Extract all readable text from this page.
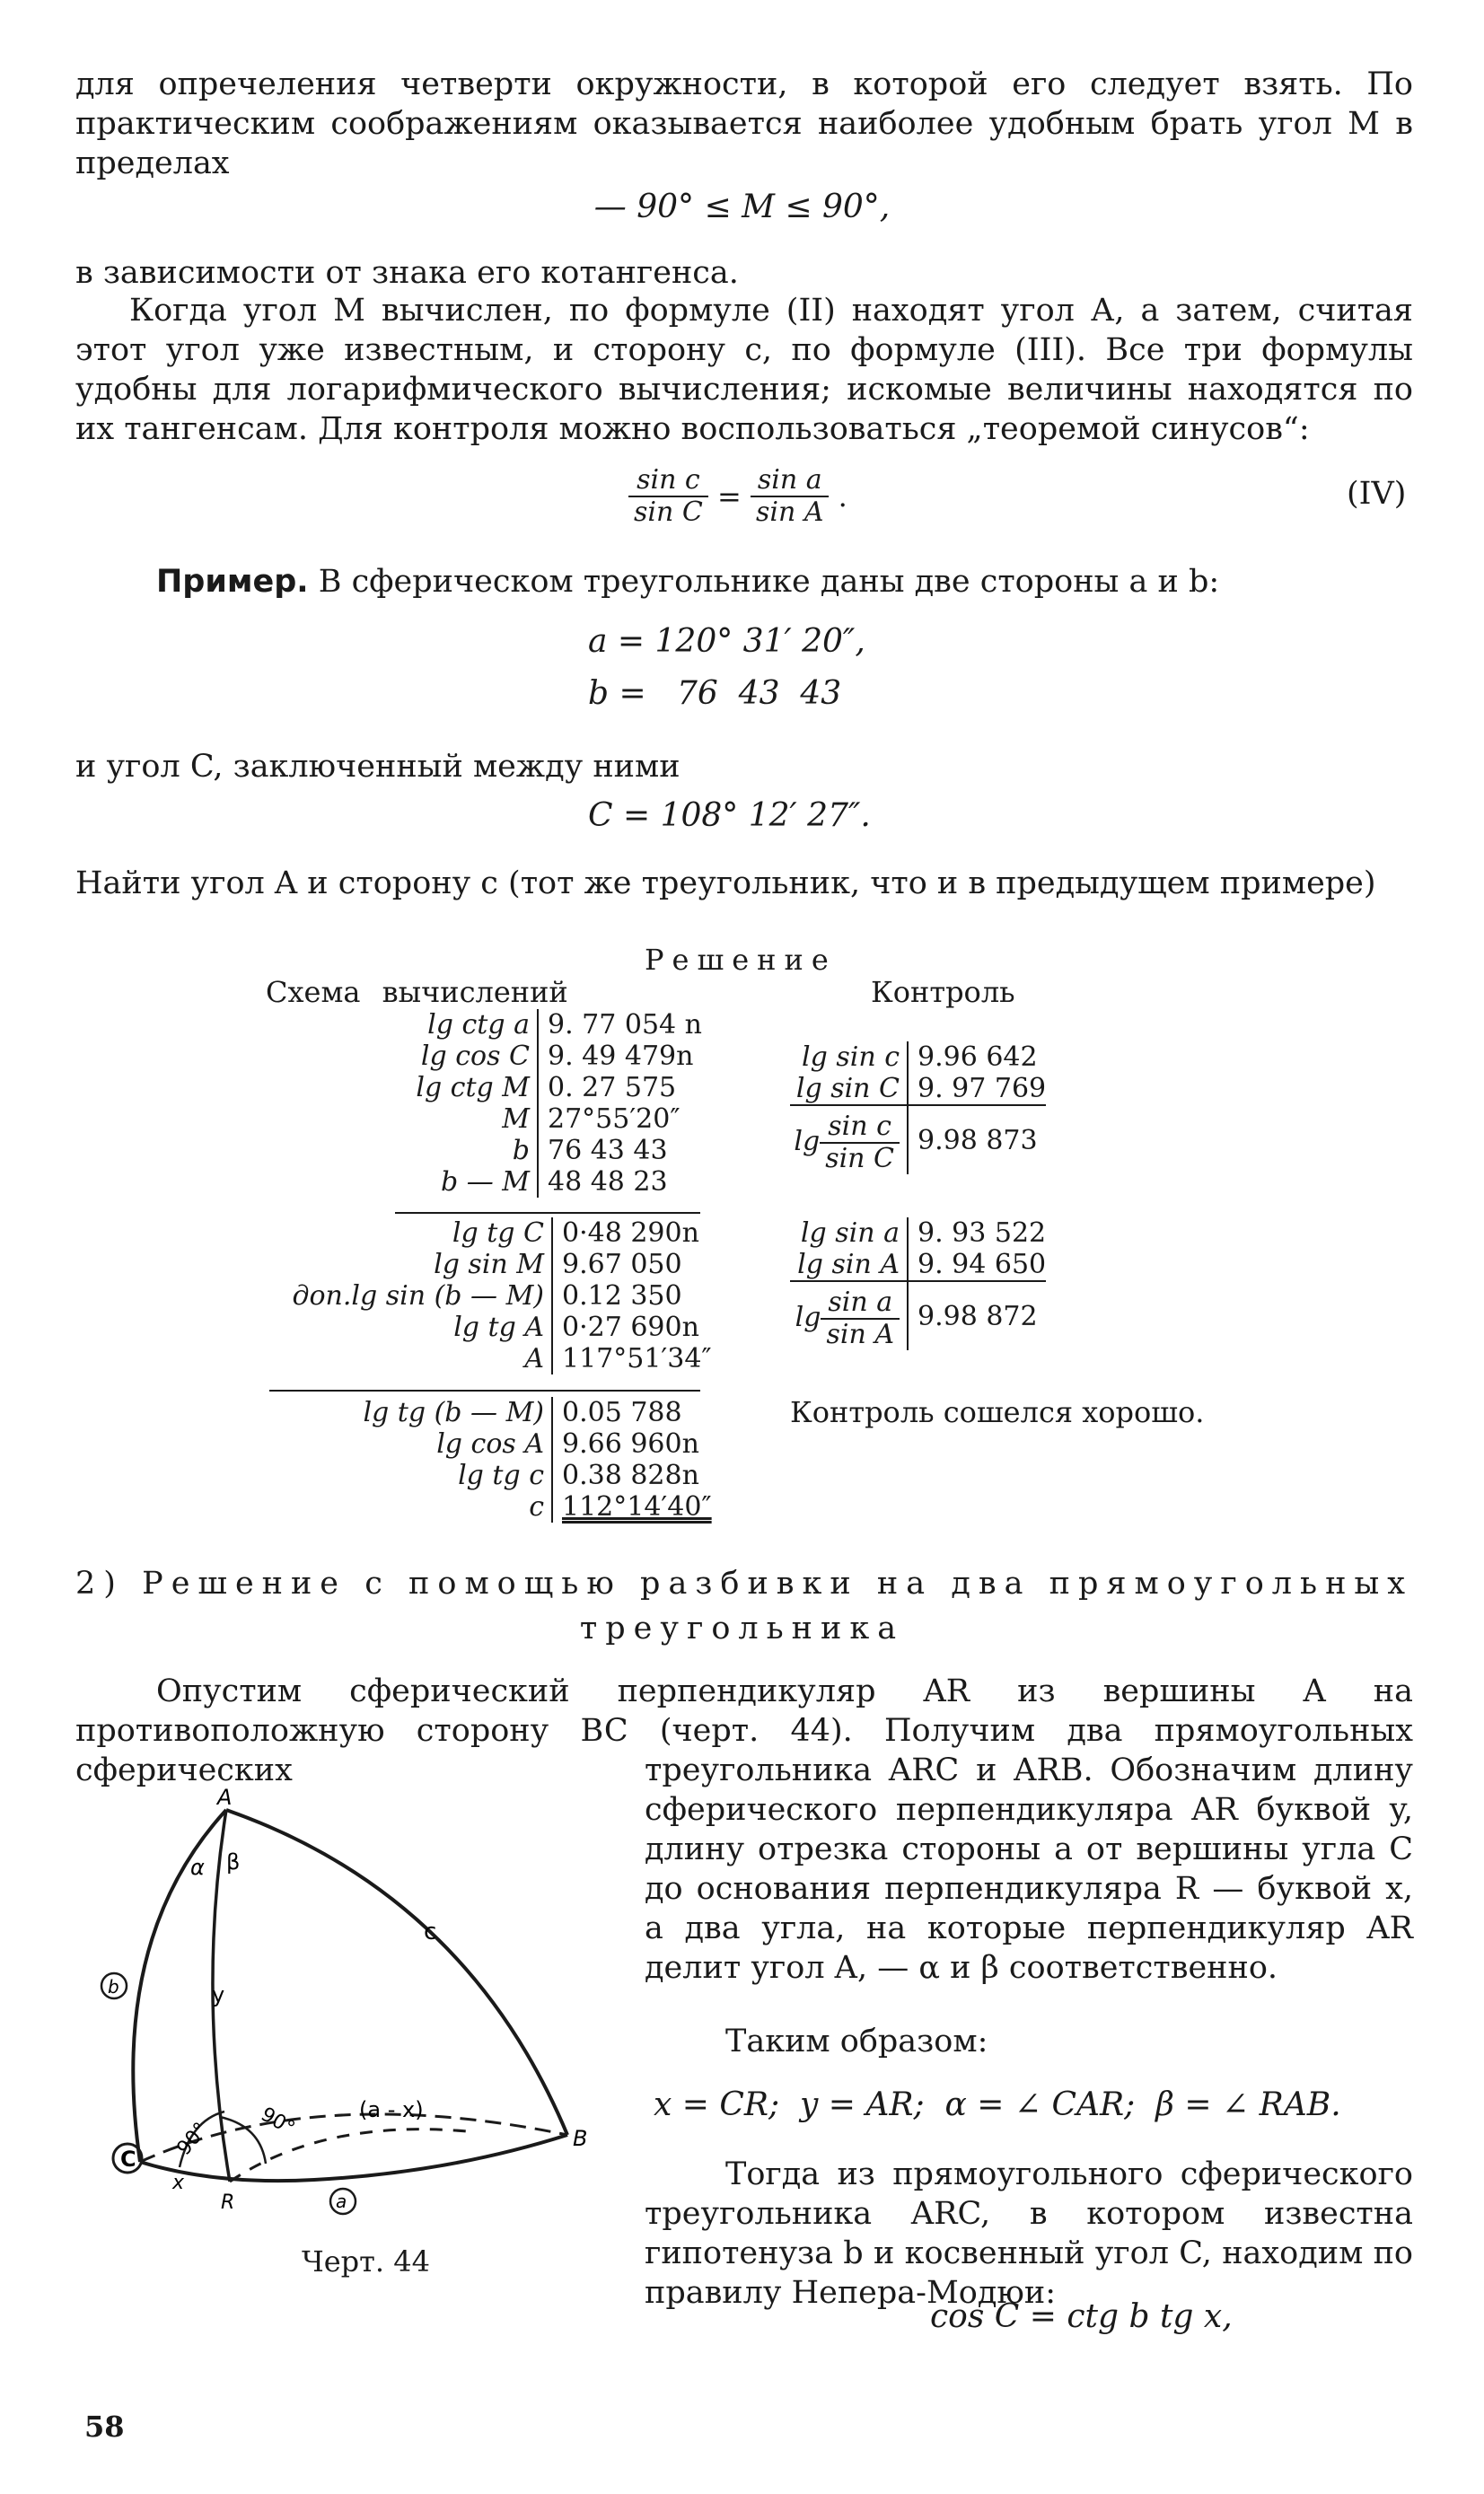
для опречеления четверти окружности, в которой его следует взять. По практическим соображениям оказывается наиболее удобным брать угол М в пределах
— 90° ≤ M ≤ 90°,
в зависимости от знака его котангенса.
Когда угол М вычислен, по формуле (II) находят угол А, а затем, считая этот угол уже известным, и сторону c, по формуле (III). Все три формулы удобны для логарифмического вычисления; искомые величины находятся по их тангенсам. Для контроля можно воспользоваться „теоремой синусов“:
$\frac{\text{sin c}}{\text{sin C}} = \frac{\text{sin a}}{\text{sin A}}$ .	(IV)
Пример. В сферическом треугольнике даны две стороны a и b:
a = 120° 31′ 20″,
b =   76  43  43
и угол C, заключенный между ними
C = 108° 12′ 27″.
Найти угол A и сторону c (тот же треугольник, что и в предыдущем примере)
Решение
Схема вычислений	Контроль
lg ctg a	9. 77 054 n
lg cos C	9. 49 479n
lg ctg M	0. 27 575
M	27°55′20″
b	76 43 43
b — M	48 48 23
lg tg C	0·48 290n
lg sin M	9.67 050
доп.lg sin (b — M)	0.12 350
lg tg A	0·27 690n
A	117°51′34″
lg tg (b — M)	0.05 788
lg cos A	9.66 960n
lg tg c	0.38 828n
c	112°14′40″
lg sin c	9.96 642
lg sin C	9. 97 769
$\lg \frac{\text{sin c}}{\text{sin C}}$	9.98 873
lg sin a	9. 93 522
lg sin A	9. 94 650
$\lg \frac{\text{sin a}}{\text{sin A}}$	9.98 872
Контроль сошелся хорошо.
2) Решение с помощью разбивки на два прямоугольных
треугольника
Опустим сферический перпендикуляр AR из вершины A на противоположную сторону BC (черт. 44). Получим два прямоугольных сферических	треугольника ARC и ARB. Обозначим длину сферического перпендикуляра AR буквой y, длину отрезка стороны a от вершины угла C до основания перпендикуляра R — буквой x, а два угла, на которые перпендикуляр AR делит угол A, — α и β соответственно.
Таким образом:
x = CR;  y = AR;  α = ∠ CAR;  β = ∠ RAB.
Тогда из прямоугольного сферического треугольника ARC, в котором известна гипотенуза b и косвенный угол C, находим по правилу Непера-Модюи:
cos C = ctg b tg x,
A
α β
c
b	y
C
B
R
x
a
(a - x)
90° 90°
Черт. 44
58
